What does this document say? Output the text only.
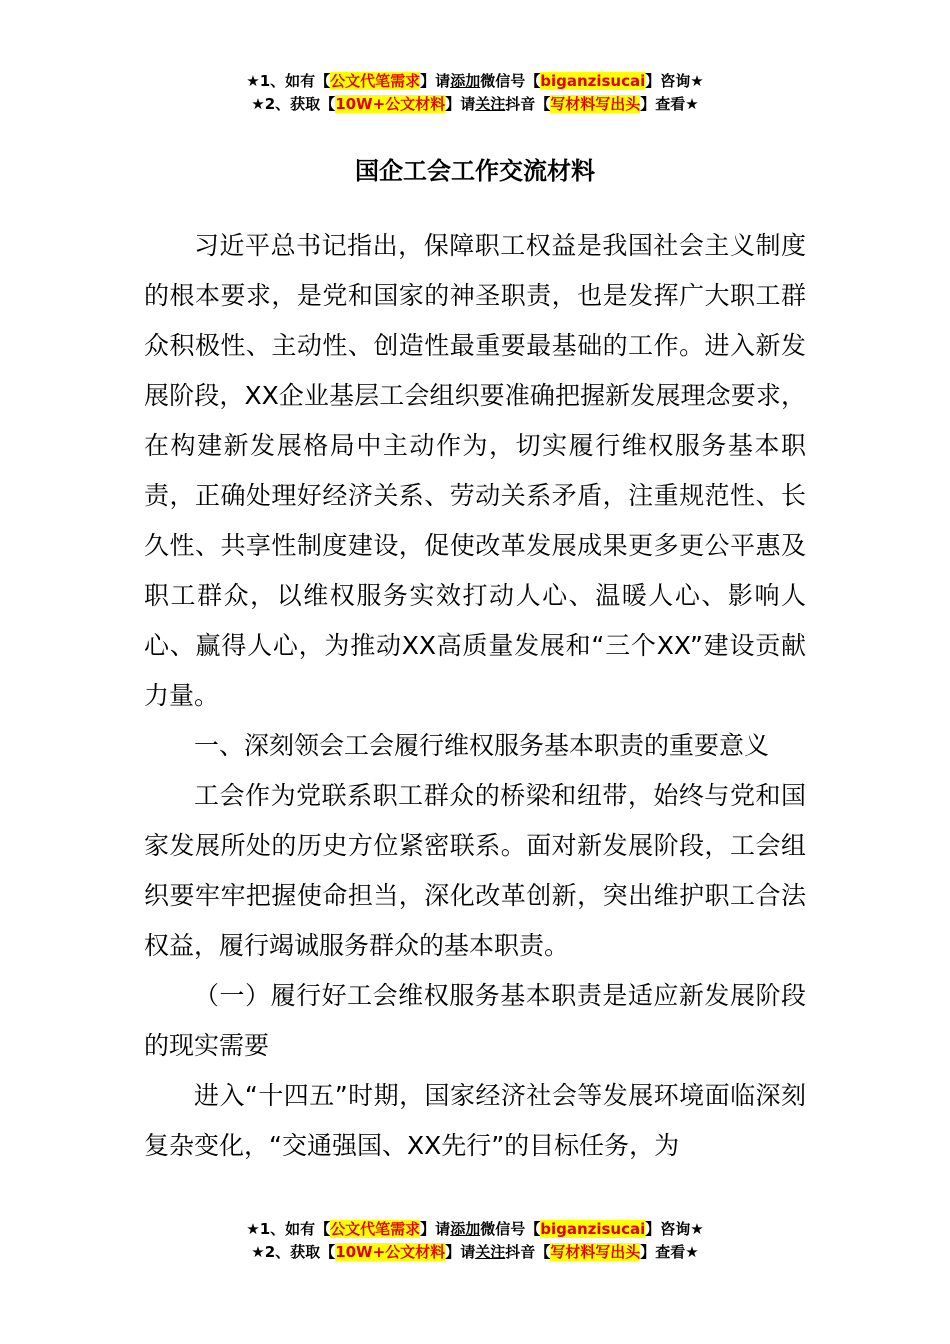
★1、如有【公文代笔需求】请添加微信号【biganzisucai】咨询★
★2、获取【10W+公文材料】请关注抖音【写材料写出头】查看★
国企工会工作交流材料

习近平总书记指出，保障职工权益是我国社会主义制度的根本要求，是党和国家的神圣职责，也是发挥广大职工群众积极性、主动性、创造性最重要最基础的工作。进入新发展阶段，XX企业基层工会组织要准确把握新发展理念要求，在构建新发展格局中主动作为，切实履行维权服务基本职责，正确处理好经济关系、劳动关系矛盾，注重规范性、长久性、共享性制度建设，促使改革发展成果更多更公平惠及职工群众，以维权服务实效打动人心、温暖人心、影响人心、赢得人心，为推动XX高质量发展和“三个XX”建设贡献力量。

一、深刻领会工会履行维权服务基本职责的重要意义

工会作为党联系职工群众的桥梁和纽带，始终与党和国家发展所处的历史方位紧密联系。面对新发展阶段，工会组织要牢牢把握使命担当，深化改革创新，突出维护职工合法权益，履行竭诚服务群众的基本职责。

（一）履行好工会维权服务基本职责是适应新发展阶段的现实需要

进入“十四五”时期，国家经济社会等发展环境面临深刻复杂变化，“交通强国、XX先行”的目标任务，为

★1、如有【公文代笔需求】请添加微信号【biganzisucai】咨询★
★2、获取【10W+公文材料】请关注抖音【写材料写出头】查看★
